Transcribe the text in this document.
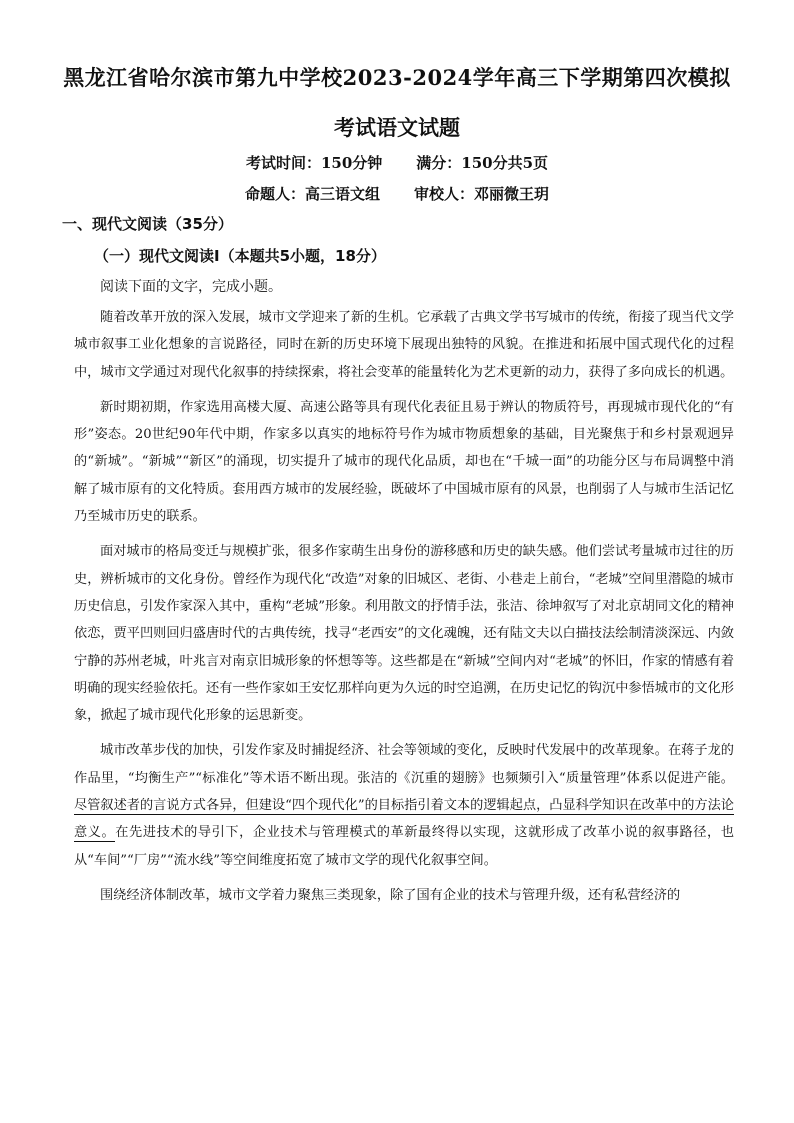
黑龙江省哈尔滨市第九中学校2023-2024学年高三下学期第四次模拟
考试语文试题
考试时间：150分钟 满分：150分共5页
命题人：高三语文组 审校人：邓丽微王玥
一、现代文阅读（35分）
（一）现代文阅读Ⅰ（本题共5小题，18分）
阅读下面的文字，完成小题。

随着改革开放的深入发展，城市文学迎来了新的生机。它承载了古典文学书写城市的传统，衔接了现当代文学城市叙事工业化想象的言说路径，同时在新的历史环境下展现出独特的风貌。在推进和拓展中国式现代化的过程中，城市文学通过对现代化叙事的持续探索，将社会变革的能量转化为艺术更新的动力，获得了多向成长的机遇。

新时期初期，作家选用高楼大厦、高速公路等具有现代化表征且易于辨认的物质符号，再现城市现代化的“有形”姿态。20世纪90年代中期，作家多以真实的地标符号作为城市物质想象的基础，目光聚焦于和乡村景观迥异的“新城”。“新城”“新区”的涌现，切实提升了城市的现代化品质，却也在“千城一面”的功能分区与布局调整中消解了城市原有的文化特质。套用西方城市的发展经验，既破坏了中国城市原有的风景，也削弱了人与城市生活记忆乃至城市历史的联系。

面对城市的格局变迁与规模扩张，很多作家萌生出身份的游移感和历史的缺失感。他们尝试考量城市过往的历史，辨析城市的文化身份。曾经作为现代化“改造”对象的旧城区、老街、小巷走上前台，“老城”空间里潜隐的城市历史信息，引发作家深入其中，重构“老城”形象。利用散文的抒情手法，张洁、徐坤叙写了对北京胡同文化的精神依恋，贾平凹则回归盛唐时代的古典传统，找寻“老西安”的文化魂魄，还有陆文夫以白描技法绘制清淡深远、内敛宁静的苏州老城，叶兆言对南京旧城形象的怀想等等。这些都是在“新城”空间内对“老城”的怀旧，作家的情感有着明确的现实经验依托。还有一些作家如王安忆那样向更为久远的时空追溯，在历史记忆的钩沉中参悟城市的文化形象，掀起了城市现代化形象的运思新变。

城市改革步伐的加快，引发作家及时捕捉经济、社会等领域的变化，反映时代发展中的改革现象。在蒋子龙的作品里，“均衡生产”“标准化”等术语不断出现。张洁的《沉重的翅膀》也频频引入“质量管理”体系以促进产能。尽管叙述者的言说方式各异，但建设“四个现代化”的目标指引着文本的逻辑起点，凸显科学知识在改革中的方法论意义。在先进技术的导引下，企业技术与管理模式的革新最终得以实现，这就形成了改革小说的叙事路径，也从“车间”“厂房”“流水线”等空间维度拓宽了城市文学的现代化叙事空间。

围绕经济体制改革，城市文学着力聚焦三类现象，除了国有企业的技术与管理升级，还有私营经济的
